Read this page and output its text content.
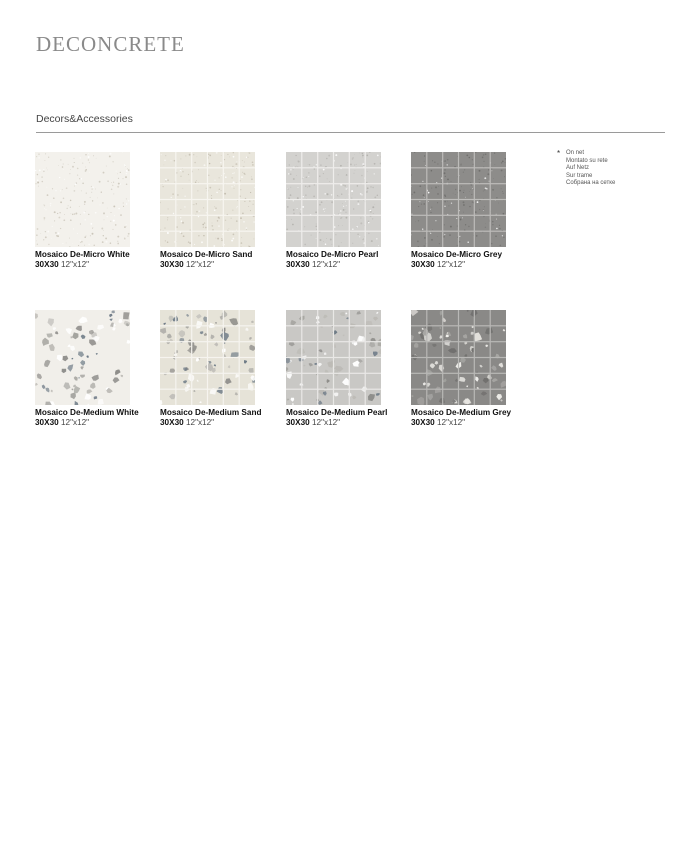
DECONCRETE
Decors&Accessories
* On net
Montato su rete
Auf Netz
Sur trame
Собрана на сетке
Mosaico De-Micro White
30X30 12"x12"
Mosaico De-Micro Sand
30X30 12"x12"
Mosaico De-Micro Pearl
30X30 12"x12"
Mosaico De-Micro Grey
30X30 12"x12"
Mosaico De-Medium White
30X30 12"x12"
Mosaico De-Medium Sand
30X30 12"x12"
Mosaico De-Medium Pearl
30X30 12"x12"
Mosaico De-Medium Grey
30X30 12"x12"
